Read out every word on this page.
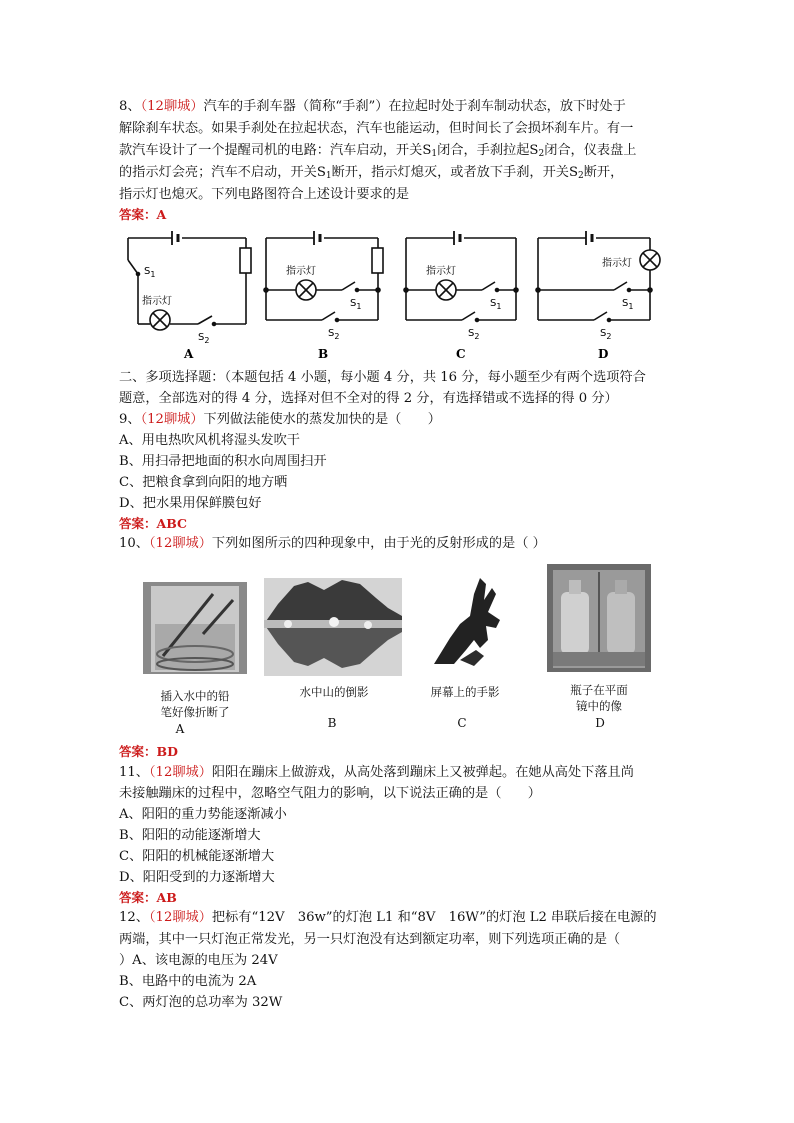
8、（12聊城）汽车的手刹车器（简称“手刹”）在拉起时处于刹车制动状态，放下时处于
解除刹车状态。如果手刹处在拉起状态，汽车也能运动，但时间长了会损坏刹车片。有一
款汽车设计了一个提醒司机的电路：汽车启动，开关$S_1$闭合，手刹拉起$S_2$闭合，仪表盘上
的指示灯会亮；汽车不启动，开关$S_1$断开，指示灯熄灭，或者放下手刹，开关$S_2$断开，
指示灯也熄灭。下列电路图符合上述设计要求的是
答案：A
$S_1$
指示灯
$S_2$
A
指示灯
$S_1$
$S_2$
B
指示灯
$S_1$
$S_2$
C
指示灯
$S_1$
$S_2$
D
二、多项选择题：（本题包括 4 小题，每小题 4 分，共 16 分，每小题至少有两个选项符合
题意，全部选对的得 4 分，选择对但不全对的得 2 分，有选择错或不选择的得 0 分）
9、（12聊城）下列做法能使水的蒸发加快的是（　　）
A、用电热吹风机将湿头发吹干
B、用扫帚把地面的积水向周围扫开
C、把粮食拿到向阳的地方晒
D、把水果用保鲜膜包好
答案：ABC
10、（12聊城）下列如图所示的四种现象中，由于光的反射形成的是（ ）
插入水中的铅
笔好像折断了
水中山的倒影	屏幕上的手影	瓶子在平面
镜中的像
A	B	C	D
答案：BD
11、（12聊城）阳阳在蹦床上做游戏，从高处落到蹦床上又被弹起。在她从高处下落且尚
未接触蹦床的过程中，忽略空气阻力的影响，以下说法正确的是（　　）
A、阳阳的重力势能逐渐减小
B、阳阳的动能逐渐增大
C、阳阳的机械能逐渐增大
D、阳阳受到的力逐渐增大
答案：AB
12、（12聊城）把标有“12V　36w”的灯泡 L1 和“8V　16W”的灯泡 L2 串联后接在电源的
两端，其中一只灯泡正常发光，另一只灯泡没有达到额定功率，则下列选项正确的是（
）A、该电源的电压为 24V
B、电路中的电流为 2A
C、两灯泡的总功率为 32W
